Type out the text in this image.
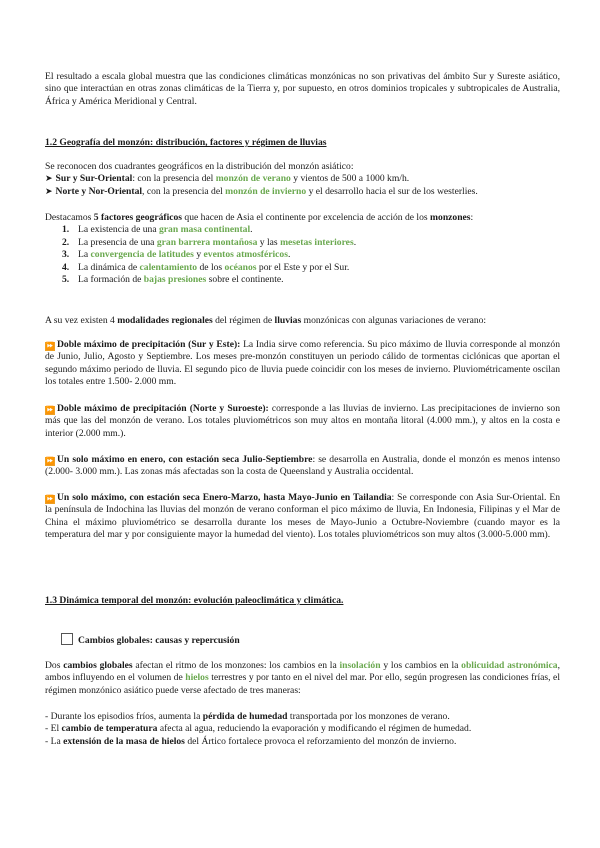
El resultado a escala global muestra que las condiciones climáticas monzónicas no son privativas del ámbito Sur y Sureste asiático, sino que interactúan en otras zonas climáticas de la Tierra y, por supuesto, en otros dominios tropicales y subtropicales de Australia, África y América Meridional y Central.

1.2 Geografía del monzón: distribución, factores y régimen de lluvias

Se reconocen dos cuadrantes geográficos en la distribución del monzón asiático:

➤ Sur y Sur-Oriental: con la presencia del monzón de verano y vientos de 500 a 1000 km/h.

➤ Norte y Nor-Oriental, con la presencia del monzón de invierno y el desarrollo hacia el sur de los westerlies.

Destacamos 5 factores geográficos que hacen de Asia el continente por excelencia de acción de los monzones:

1. La existencia de una gran masa continental.
2. La presencia de una gran barrera montañosa y las mesetas interiores.
3. La convergencia de latitudes y eventos atmosféricos.
4. La dinámica de calentamiento de los océanos por el Este y por el Sur.
5. La formación de bajas presiones sobre el continente.

A su vez existen 4 modalidades regionales del régimen de lluvias monzónicas con algunas variaciones de verano:

⏩ Doble máximo de precipitación (Sur y Este): La India sirve como referencia. Su pico máximo de lluvia corresponde al monzón de Junio, Julio, Agosto y Septiembre. Los meses pre-monzón constituyen un periodo cálido de tormentas ciclónicas que aportan el segundo máximo periodo de lluvia. El segundo pico de lluvia puede coincidir con los meses de invierno. Pluviométricamente oscilan los totales entre 1.500- 2.000 mm.

⏩ Doble máximo de precipitación (Norte y Suroeste): corresponde a las lluvias de invierno. Las precipitaciones de invierno son más que las del monzón de verano. Los totales pluviométricos son muy altos en montaña litoral (4.000 mm.), y altos en la costa e interior (2.000 mm.).

⏩ Un solo máximo en enero, con estación seca Julio-Septiembre: se desarrolla en Australia, donde el monzón es menos intenso (2.000- 3.000 mm.). Las zonas más afectadas son la costa de Queensland y Australia occidental.

⏩ Un solo máximo, con estación seca Enero-Marzo, hasta Mayo-Junio en Tailandia: Se corresponde con Asia Sur-Oriental. En la península de Indochina las lluvias del monzón de verano conforman el pico máximo de lluvia, En Indonesia, Filipinas y el Mar de China el máximo pluviométrico se desarrolla durante los meses de Mayo-Junio a Octubre-Noviembre (cuando mayor es la temperatura del mar y por consiguiente mayor la humedad del viento). Los totales pluviométricos son muy altos (3.000-5.000 mm).

1.3 Dinámica temporal del monzón: evolución paleoclimática y climática.

Cambios globales: causas y repercusión

Dos cambios globales afectan el ritmo de los monzones: los cambios en la insolación y los cambios en la oblicuidad astronómica, ambos influyendo en el volumen de hielos terrestres y por tanto en el nivel del mar. Por ello, según progresen las condiciones frías, el régimen monzónico asiático puede verse afectado de tres maneras:

- Durante los episodios fríos, aumenta la pérdida de humedad transportada por los monzones de verano.

- El cambio de temperatura afecta al agua, reduciendo la evaporación y modificando el régimen de humedad.

- La extensión de la masa de hielos del Ártico fortalece provoca el reforzamiento del monzón de invierno.
